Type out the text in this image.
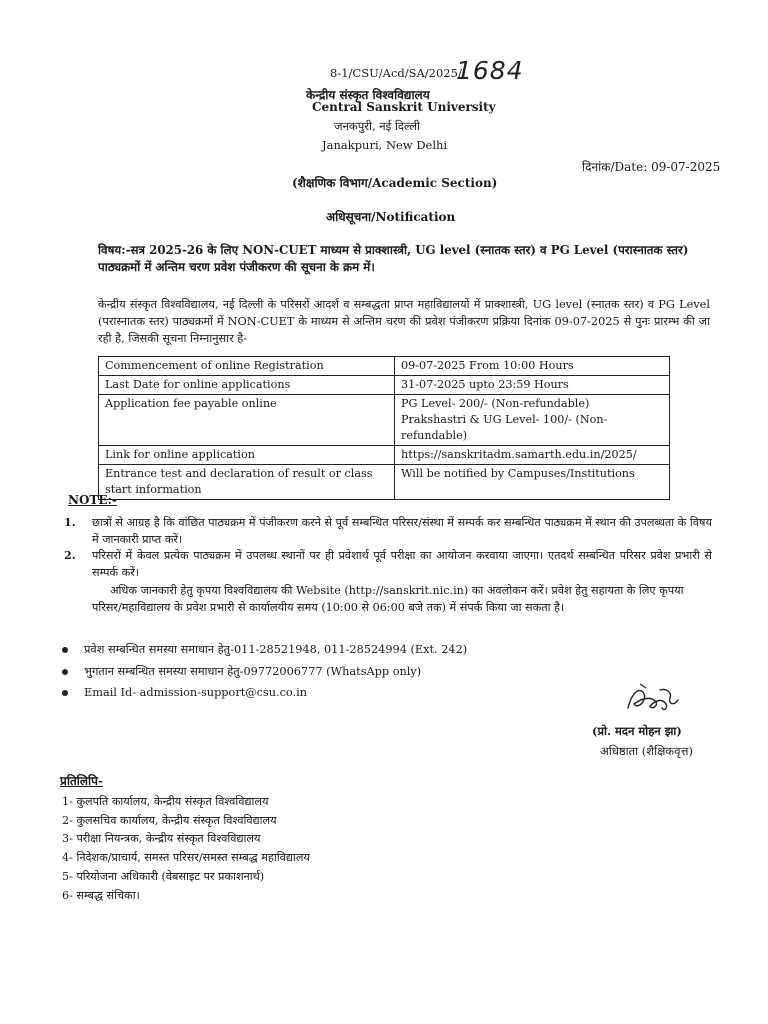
8-1/CSU/Acd/SA/2025/
1684
केन्द्रीय संस्कृत विश्वविद्यालय
Central Sanskrit University
जनकपुरी, नई दिल्ली
Janakpuri, New Delhi
दिनांक/Date: 09-07-2025
(शैक्षणिक विभाग/Academic Section)
अधिसूचना/Notification
विषय:-सत्र 2025-26 के लिए NON-CUET माध्यम से प्राक्शास्त्री, UG level (स्नातक स्तर) व PG Level (परास्नातक स्तर) पाठ्यक्रमों में अन्तिम चरण प्रवेश पंजीकरण की सूचना के क्रम में।
केन्द्रीय संस्कृत विश्वविद्यालय, नई दिल्ली के परिसरों आदर्श व सम्बद्धता प्राप्त महाविद्यालयों में प्राक्शास्त्री, UG level (स्नातक स्तर) व PG Level (परास्नातक स्तर) पाठ्यक्रमों में NON-CUET के माध्यम से अन्तिम चरण की प्रवेश पंजीकरण प्रक्रिया दिनांक 09-07-2025 से पुनः प्रारम्भ की जा रही है, जिसकी सूचना निम्नानुसार है-
Commencement of online Registration	09-07-2025 From 10:00 Hours
Last Date for online applications	31-07-2025 upto 23:59 Hours
Application fee payable online	PG Level- 200/- (Non-refundable)
Prakshastri & UG Level- 100/- (Non-refundable)

Link for online application	https://sanskritadm.samarth.edu.in/2025/
Entrance test and declaration of result or class start information	Will be notified by Campuses/Institutions
NOTE:-
1. छात्रों से आग्रह है कि वांछित पाठ्यक्रम में पंजीकरण करने से पूर्व सम्बन्धित परिसर/संस्था में सम्पर्क कर सम्बन्धित पाठ्यक्रम में स्थान की उपलब्धता के विषय में जानकारी प्राप्त करें।
2. परिसरों में केवल प्रत्येक पाठ्यक्रम में उपलब्ध स्थानों पर ही प्रवेशार्थ पूर्व परीक्षा का आयोजन करवाया जाएगा। एतदर्थ सम्बन्धित परिसर प्रवेश प्रभारी से सम्पर्क करें।
अधिक जानकारी हेतु कृपया विश्वविद्यालय की Website (http://sanskrit.nic.in) का अवलोकन करें। प्रवेश हेतु सहायता के लिए कृपया परिसर/महाविद्यालय के प्रवेश प्रभारी से कार्यालयीय समय (10:00 से 06:00 बजे तक) में संपर्क किया जा सकता है।
प्रवेश सम्बन्धित समस्या समाधान हेतु-011-28521948, 011-28524994 (Ext. 242)
भुगतान सम्बन्धित समस्या समाधान हेतु-09772006777 (WhatsApp only)
Email Id- admission-support@csu.co.in
(प्रो. मदन मोहन झा)
अधिष्ठाता (शैक्षिकवृत्त)
प्रतिलिपि-
1- कुलपति कार्यालय, केन्द्रीय संस्कृत विश्वविद्यालय
2- कुलसचिव कार्यालय, केन्द्रीय संस्कृत विश्वविद्यालय
3- परीक्षा नियन्त्रक, केन्द्रीय संस्कृत विश्वविद्यालय
4- निदेशक/प्राचार्य, समस्त परिसर/समस्त सम्बद्ध महाविद्यालय
5- परियोजना अधिकारी (वेबसाइट पर प्रकाशनार्थ)
6- सम्बद्ध संचिका।
